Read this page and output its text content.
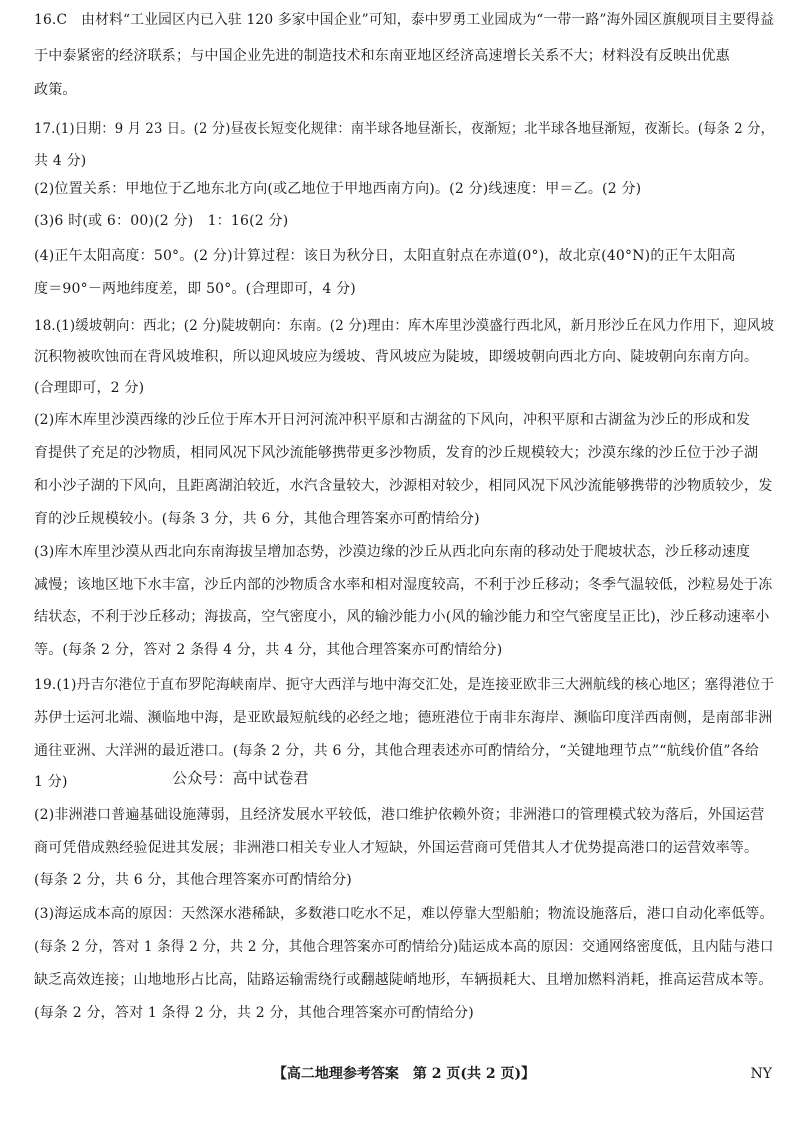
16.C　由材料“工业园区内已入驻 120 多家中国企业”可知，泰中罗勇工业园成为“一带一路”海外园区旗舰项目主要得益
于中泰紧密的经济联系；与中国企业先进的制造技术和东南亚地区经济高速增长关系不大；材料没有反映出优惠
政策。
17.(1)日期：9 月 23 日。(2 分)昼夜长短变化规律：南半球各地昼渐长，夜渐短；北半球各地昼渐短，夜渐长。(每条 2 分，
共 4 分)
(2)位置关系：甲地位于乙地东北方向(或乙地位于甲地西南方向)。(2 分)线速度：甲＝乙。(2 分)
(3)6 时(或 6：00)(2 分)　1：16(2 分)
(4)正午太阳高度：50°。(2 分)计算过程：该日为秋分日，太阳直射点在赤道(0°)，故北京(40°N)的正午太阳高
度＝90°－两地纬度差，即 50°。(合理即可，4 分)
18.(1)缓坡朝向：西北；(2 分)陡坡朝向：东南。(2 分)理由：库木库里沙漠盛行西北风，新月形沙丘在风力作用下，迎风坡
沉积物被吹蚀而在背风坡堆积，所以迎风坡应为缓坡、背风坡应为陡坡，即缓坡朝向西北方向、陡坡朝向东南方向。
(合理即可，2 分)
(2)库木库里沙漠西缘的沙丘位于库木开日河河流冲积平原和古湖盆的下风向，冲积平原和古湖盆为沙丘的形成和发
育提供了充足的沙物质，相同风况下风沙流能够携带更多沙物质，发育的沙丘规模较大；沙漠东缘的沙丘位于沙子湖
和小沙子湖的下风向，且距离湖泊较近，水汽含量较大，沙源相对较少，相同风况下风沙流能够携带的沙物质较少，发
育的沙丘规模较小。(每条 3 分，共 6 分，其他合理答案亦可酌情给分)
(3)库木库里沙漠从西北向东南海拔呈增加态势，沙漠边缘的沙丘从西北向东南的移动处于爬坡状态，沙丘移动速度
减慢；该地区地下水丰富，沙丘内部的沙物质含水率和相对湿度较高，不利于沙丘移动；冬季气温较低，沙粒易处于冻
结状态，不利于沙丘移动；海拔高，空气密度小，风的输沙能力小(风的输沙能力和空气密度呈正比)，沙丘移动速率小
等。(每条 2 分，答对 2 条得 4 分，共 4 分，其他合理答案亦可酌情给分)
19.(1)丹吉尔港位于直布罗陀海峡南岸、扼守大西洋与地中海交汇处，是连接亚欧非三大洲航线的核心地区；塞得港位于
苏伊士运河北端、濒临地中海，是亚欧最短航线的必经之地；德班港位于南非东海岸、濒临印度洋西南侧，是南部非洲
通往亚洲、大洋洲的最近港口。(每条 2 分，共 6 分，其他合理表述亦可酌情给分，“关键地理节点”“航线价值”各给
1 分)	公众号：高中试卷君
(2)非洲港口普遍基础设施薄弱，且经济发展水平较低，港口维护依赖外资；非洲港口的管理模式较为落后，外国运营
商可凭借成熟经验促进其发展；非洲港口相关专业人才短缺，外国运营商可凭借其人才优势提高港口的运营效率等。
(每条 2 分，共 6 分，其他合理答案亦可酌情给分)
(3)海运成本高的原因：天然深水港稀缺，多数港口吃水不足，难以停靠大型船舶；物流设施落后，港口自动化率低等。
(每条 2 分，答对 1 条得 2 分，共 2 分，其他合理答案亦可酌情给分)陆运成本高的原因：交通网络密度低，且内陆与港口
缺乏高效连接；山地地形占比高，陆路运输需绕行或翻越陡峭地形，车辆损耗大、且增加燃料消耗，推高运营成本等。
(每条 2 分，答对 1 条得 2 分，共 2 分，其他合理答案亦可酌情给分)
【高二地理参考答案　第 2 页(共 2 页)】	NY
